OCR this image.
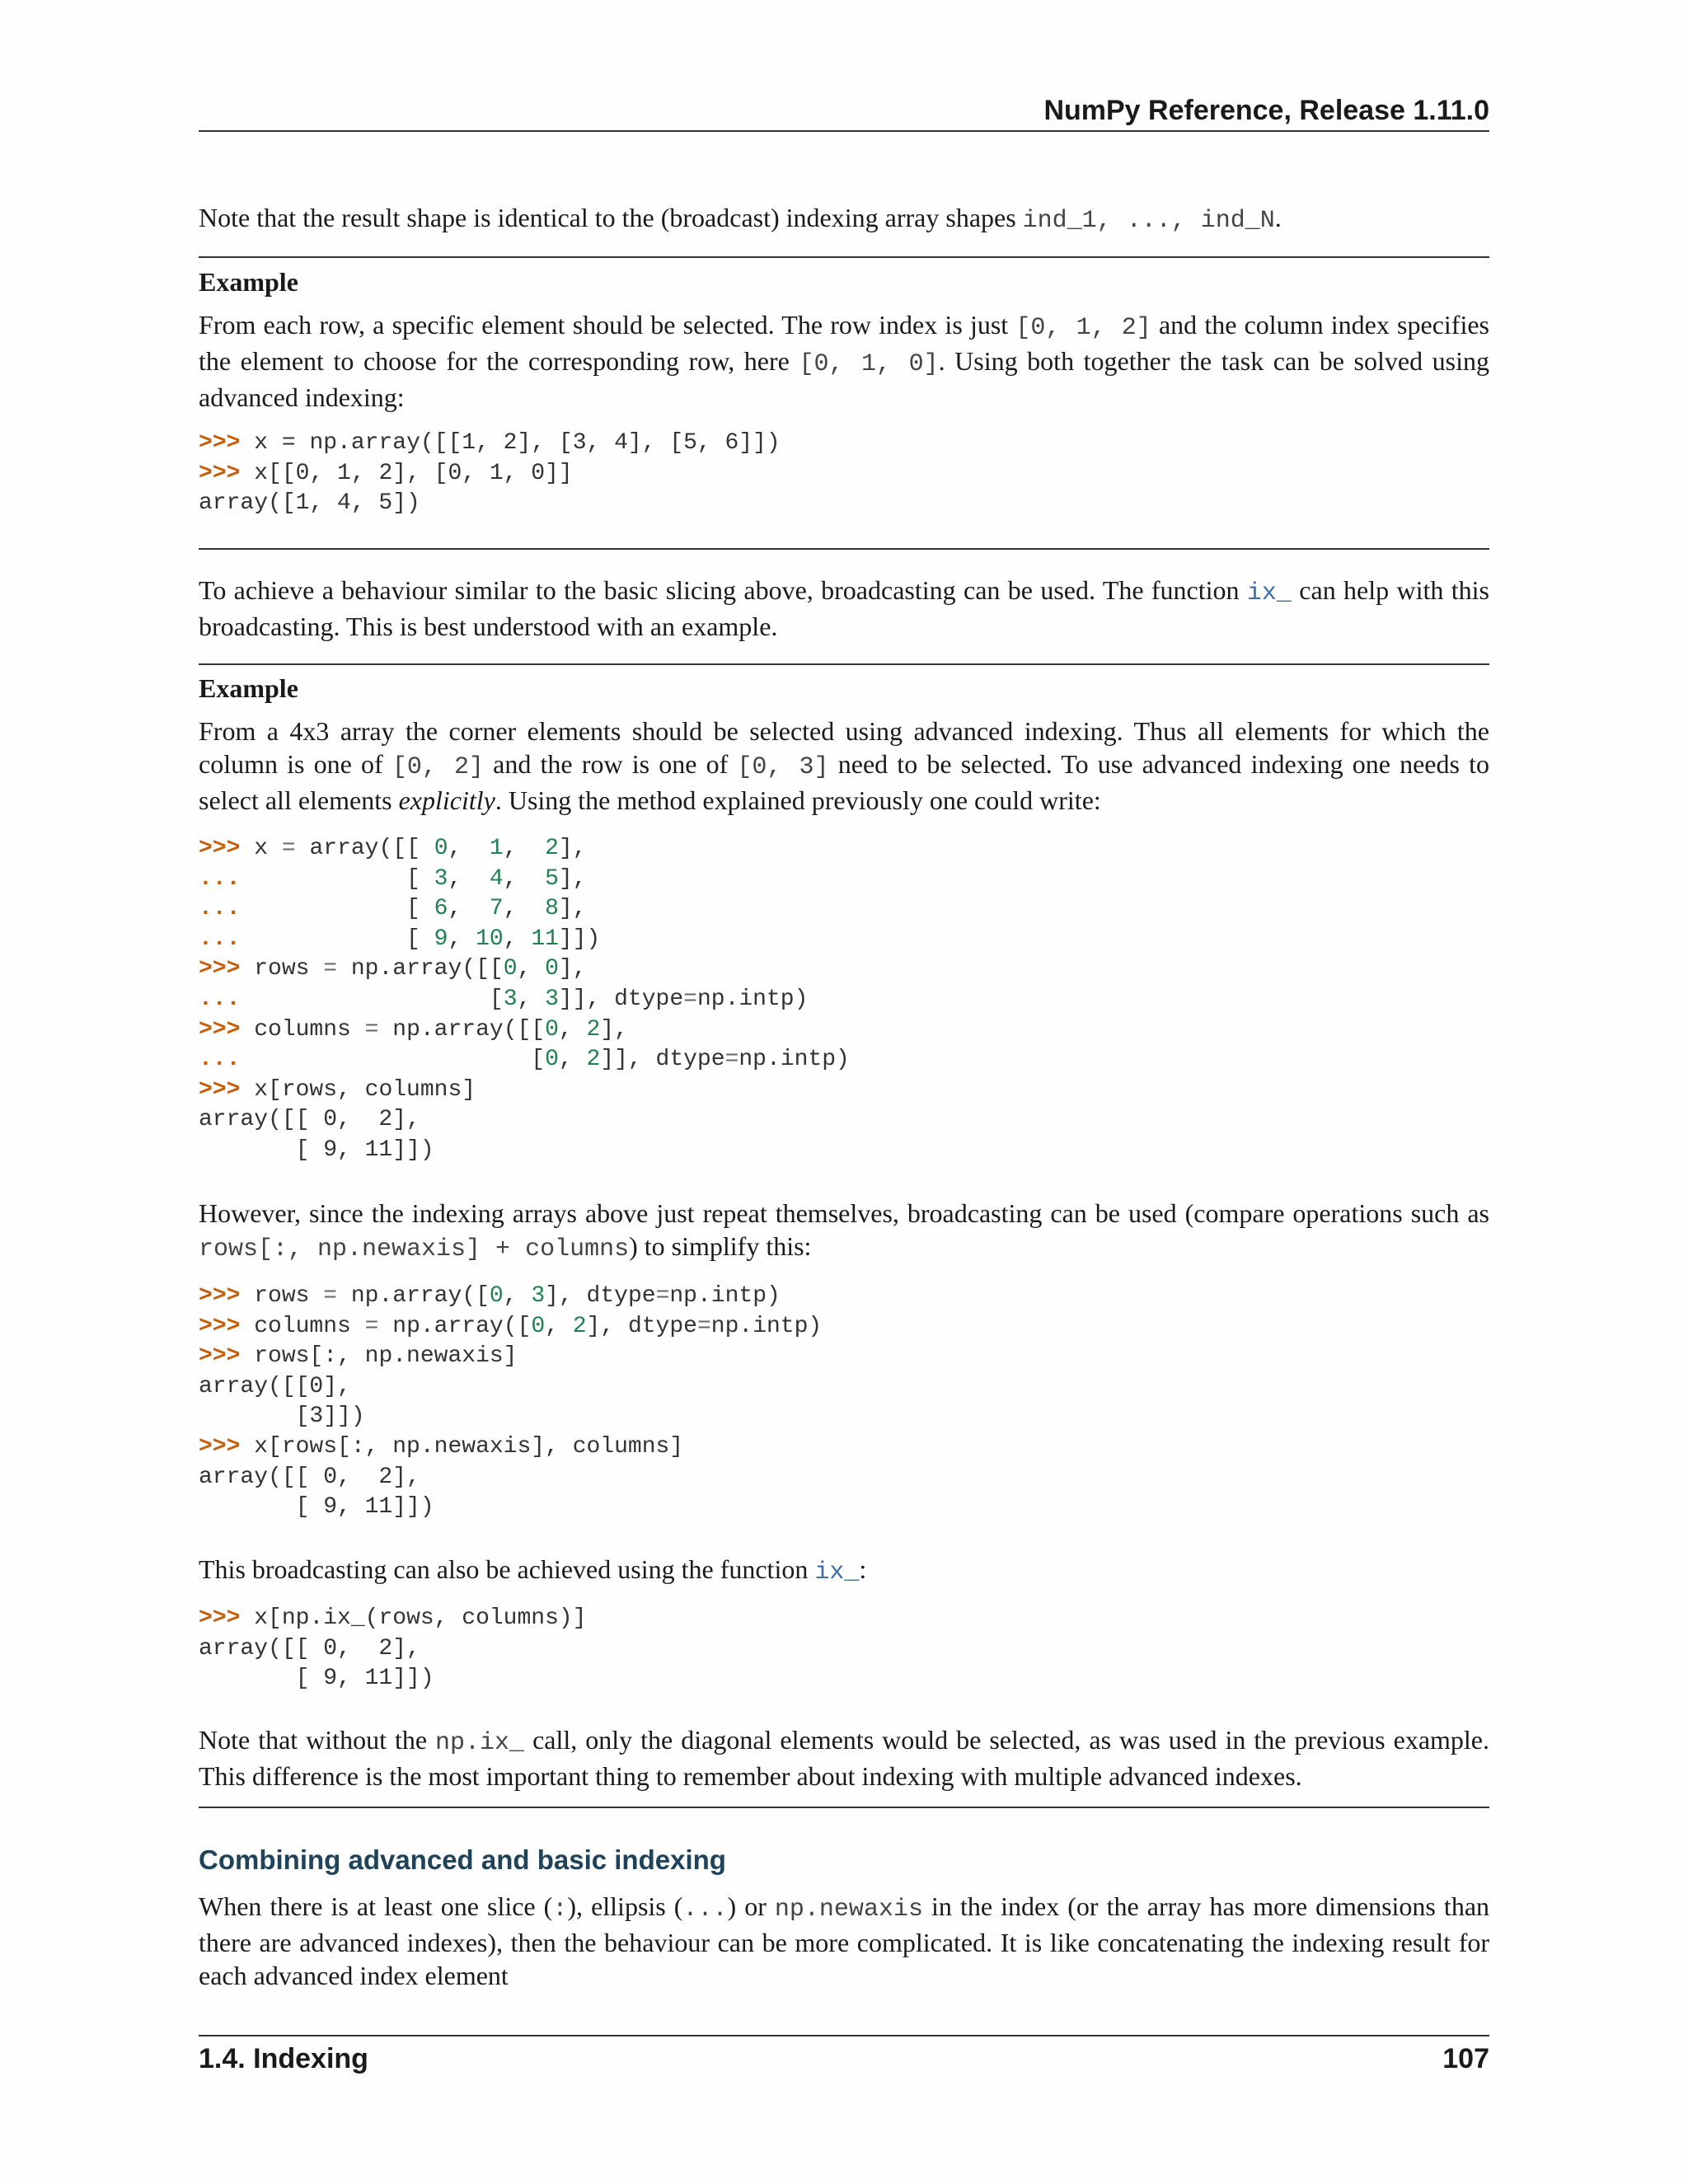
NumPy Reference, Release 1.11.0

Note that the result shape is identical to the (broadcast) indexing array shapes ind_1, ..., ind_N.

Example

From each row, a specific element should be selected. The row index is just [0, 1, 2] and the column index specifies the element to choose for the corresponding row, here [0, 1, 0]. Using both together the task can be solved using advanced indexing:

>>> x = np.array([[1, 2], [3, 4], [5, 6]])
>>> x[[0, 1, 2], [0, 1, 0]]
array([1, 4, 5])

To achieve a behaviour similar to the basic slicing above, broadcasting can be used. The function ix_ can help with this broadcasting. This is best understood with an example.

Example

From a 4x3 array the corner elements should be selected using advanced indexing. Thus all elements for which the column is one of [0, 2] and the row is one of [0, 3] need to be selected. To use advanced indexing one needs to select all elements explicitly. Using the method explained previously one could write:

>>> x = array([[ 0,  1,  2],
...            [ 3,  4,  5],
...            [ 6,  7,  8],
...            [ 9, 10, 11]])
>>> rows = np.array([[0, 0],
...                  [3, 3]], dtype=np.intp)
>>> columns = np.array([[0, 2],
...                     [0, 2]], dtype=np.intp)
>>> x[rows, columns]
array([[ 0,  2],
[ 9, 11]])

However, since the indexing arrays above just repeat themselves, broadcasting can be used (compare operations such as rows[:, np.newaxis] + columns) to simplify this:

>>> rows = np.array([0, 3], dtype=np.intp)
>>> columns = np.array([0, 2], dtype=np.intp)
>>> rows[:, np.newaxis]
array([[0],
[3]])
>>> x[rows[:, np.newaxis], columns]
array([[ 0,  2],
[ 9, 11]])

This broadcasting can also be achieved using the function ix_:

>>> x[np.ix_(rows, columns)]
array([[ 0,  2],
[ 9, 11]])

Note that without the np.ix_ call, only the diagonal elements would be selected, as was used in the previous example. This difference is the most important thing to remember about indexing with multiple advanced indexes.

Combining advanced and basic indexing

When there is at least one slice (:), ellipsis (...) or np.newaxis in the index (or the array has more dimensions than there are advanced indexes), then the behaviour can be more complicated. It is like concatenating the indexing result for each advanced index element

1.4. Indexing	107
